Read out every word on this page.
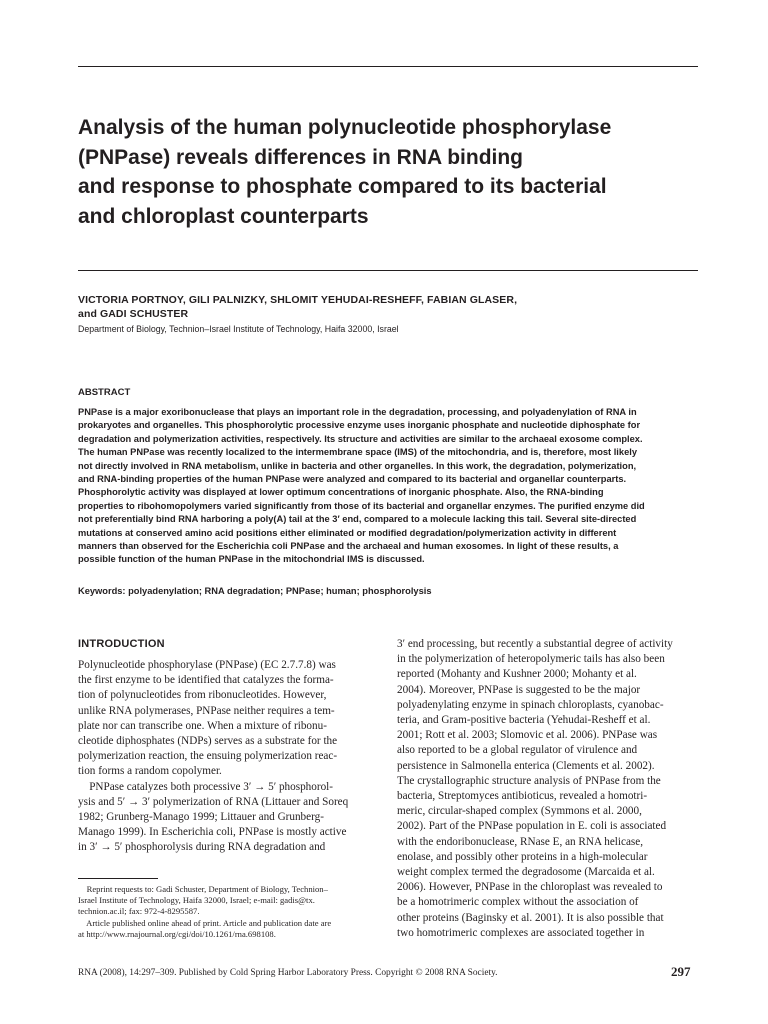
Analysis of the human polynucleotide phosphorylase
(PNPase) reveals differences in RNA binding
and response to phosphate compared to its bacterial
and chloroplast counterparts
VICTORIA PORTNOY, GILI PALNIZKY, SHLOMIT YEHUDAI-RESHEFF, FABIAN GLASER,
and GADI SCHUSTER
Department of Biology, Technion–Israel Institute of Technology, Haifa 32000, Israel
ABSTRACT
PNPase is a major exoribonuclease that plays an important role in the degradation, processing, and polyadenylation of RNA in
prokaryotes and organelles. This phosphorolytic processive enzyme uses inorganic phosphate and nucleotide diphosphate for
degradation and polymerization activities, respectively. Its structure and activities are similar to the archaeal exosome complex.
The human PNPase was recently localized to the intermembrane space (IMS) of the mitochondria, and is, therefore, most likely
not directly involved in RNA metabolism, unlike in bacteria and other organelles. In this work, the degradation, polymerization,
and RNA-binding properties of the human PNPase were analyzed and compared to its bacterial and organellar counterparts.
Phosphorolytic activity was displayed at lower optimum concentrations of inorganic phosphate. Also, the RNA-binding
properties to ribohomopolymers varied significantly from those of its bacterial and organellar enzymes. The purified enzyme did
not preferentially bind RNA harboring a poly(A) tail at the 3′ end, compared to a molecule lacking this tail. Several site-directed
mutations at conserved amino acid positions either eliminated or modified degradation/polymerization activity in different
manners than observed for the Escherichia coli PNPase and the archaeal and human exosomes. In light of these results, a
possible function of the human PNPase in the mitochondrial IMS is discussed.
Keywords: polyadenylation; RNA degradation; PNPase; human; phosphorolysis
INTRODUCTION
Polynucleotide phosphorylase (PNPase) (EC 2.7.7.8) was
the first enzyme to be identified that catalyzes the forma-
tion of polynucleotides from ribonucleotides. However,
unlike RNA polymerases, PNPase neither requires a tem-
plate nor can transcribe one. When a mixture of ribonu-
cleotide diphosphates (NDPs) serves as a substrate for the
polymerization reaction, the ensuing polymerization reac-
tion forms a random copolymer.
PNPase catalyzes both processive 3′ → 5′ phosphorol-
ysis and 5′ → 3′ polymerization of RNA (Littauer and Soreq
1982; Grunberg-Manago 1999; Littauer and Grunberg-
Manago 1999). In Escherichia coli, PNPase is mostly active
in 3′ → 5′ phosphorolysis during RNA degradation and
Reprint requests to: Gadi Schuster, Department of Biology, Technion–
Israel Institute of Technology, Haifa 32000, Israel; e-mail: gadis@tx.
technion.ac.il; fax: 972-4-8295587.
Article published online ahead of print. Article and publication date are
at http://www.rnajournal.org/cgi/doi/10.1261/rna.698108.
3′ end processing, but recently a substantial degree of activity
in the polymerization of heteropolymeric tails has also been
reported (Mohanty and Kushner 2000; Mohanty et al.
2004). Moreover, PNPase is suggested to be the major
polyadenylating enzyme in spinach chloroplasts, cyanobac-
teria, and Gram-positive bacteria (Yehudai-Resheff et al.
2001; Rott et al. 2003; Slomovic et al. 2006). PNPase was
also reported to be a global regulator of virulence and
persistence in Salmonella enterica (Clements et al. 2002).
The crystallographic structure analysis of PNPase from the
bacteria, Streptomyces antibioticus, revealed a homotri-
meric, circular-shaped complex (Symmons et al. 2000,
2002). Part of the PNPase population in E. coli is associated
with the endoribonuclease, RNase E, an RNA helicase,
enolase, and possibly other proteins in a high-molecular
weight complex termed the degradosome (Marcaida et al.
2006). However, PNPase in the chloroplast was revealed to
be a homotrimeric complex without the association of
other proteins (Baginsky et al. 2001). It is also possible that
two homotrimeric complexes are associated together in
RNA (2008), 14:297–309. Published by Cold Spring Harbor Laboratory Press. Copyright © 2008 RNA Society.	297
